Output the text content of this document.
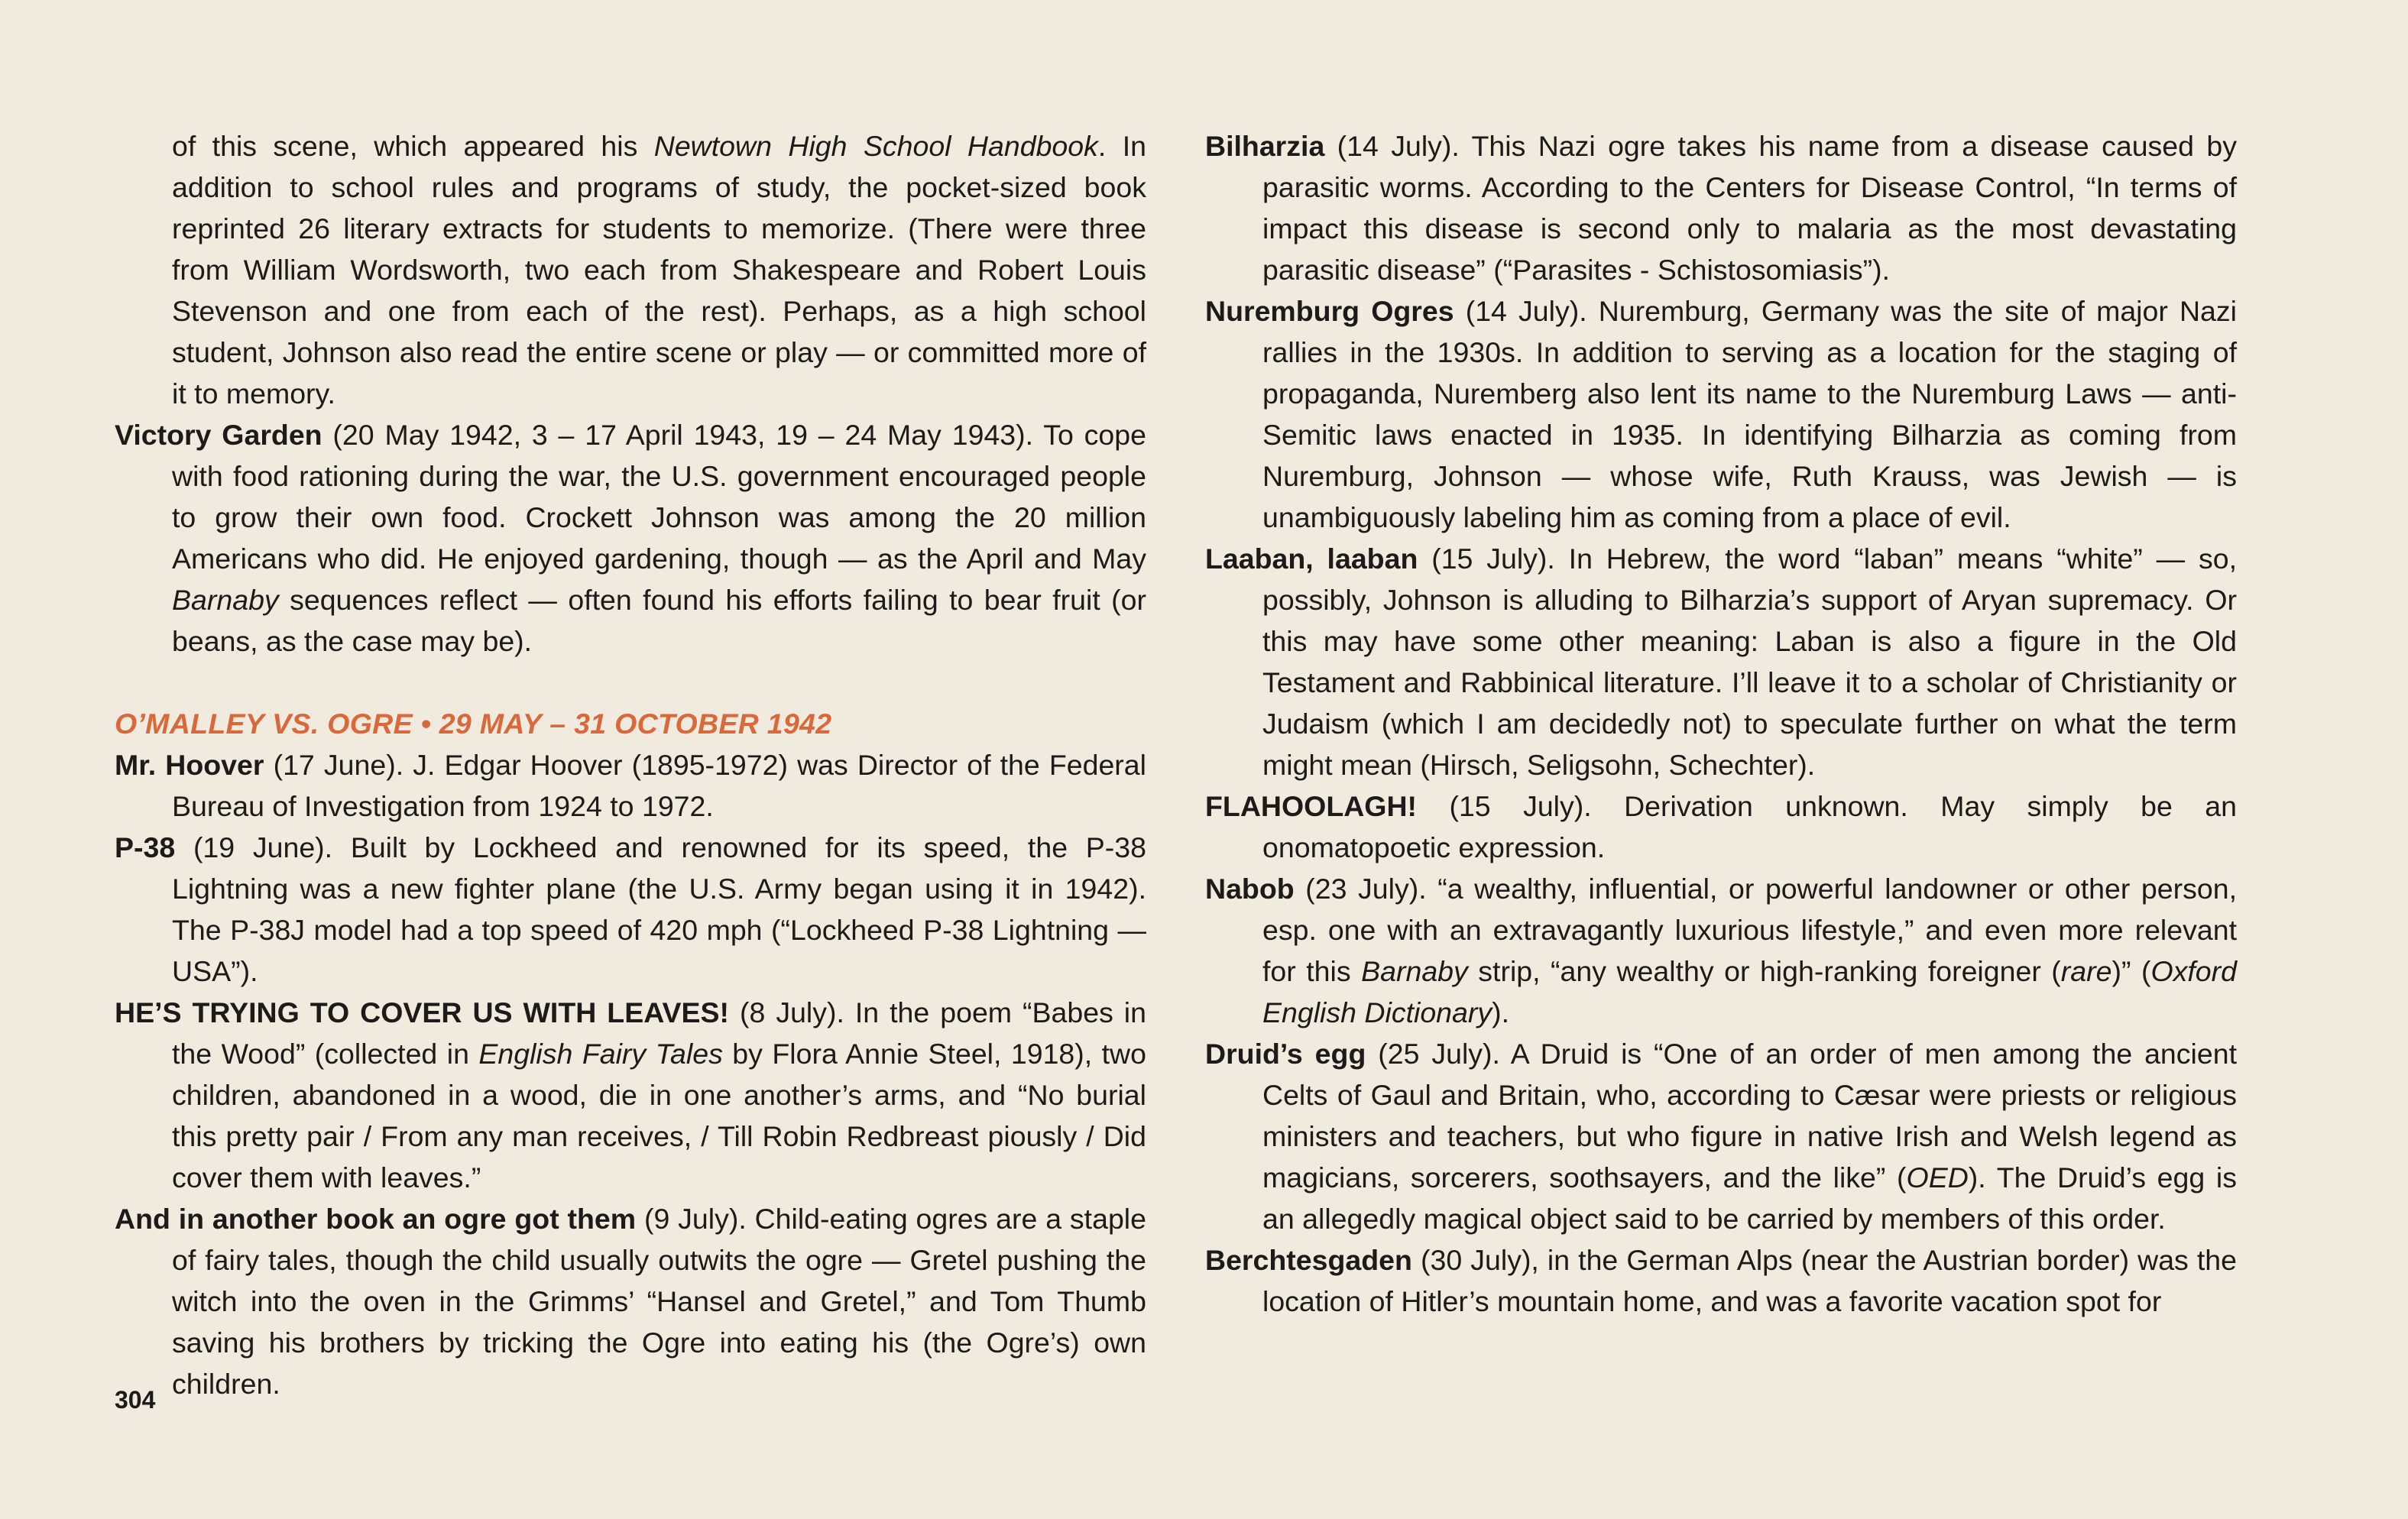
of this scene, which appeared his Newtown High School Handbook. In addition to school rules and programs of study, the pocket-sized book reprinted 26 literary extracts for students to memorize. (There were three from William Wordsworth, two each from Shakespeare and Robert Louis Stevenson and one from each of the rest). Perhaps, as a high school student, Johnson also read the entire scene or play — or committed more of it to memory.

Victory Garden (20 May 1942, 3 – 17 April 1943, 19 – 24 May 1943). To cope with food rationing during the war, the U.S. government encouraged people to grow their own food. Crockett Johnson was among the 20 million Americans who did. He enjoyed gardening, though — as the April and May Barnaby sequences reflect — often found his efforts failing to bear fruit (or beans, as the case may be).

O’MALLEY VS. OGRE • 29 MAY – 31 OCTOBER 1942

Mr. Hoover (17 June). J. Edgar Hoover (1895-1972) was Director of the Federal Bureau of Investigation from 1924 to 1972.

P-38 (19 June). Built by Lockheed and renowned for its speed, the P-38 Lightning was a new fighter plane (the U.S. Army began using it in 1942). The P-38J model had a top speed of 420 mph (“Lockheed P-38 Lightning — USA”).

HE’S TRYING TO COVER US WITH LEAVES! (8 July). In the poem “Babes in the Wood” (collected in English Fairy Tales by Flora Annie Steel, 1918), two children, abandoned in a wood, die in one another’s arms, and “No burial this pretty pair / From any man receives, / Till Robin Redbreast piously / Did cover them with leaves.”

And in another book an ogre got them (9 July). Child-eating ogres are a staple of fairy tales, though the child usually outwits the ogre — Gretel pushing the witch into the oven in the Grimms’ “Hansel and Gretel,” and Tom Thumb saving his brothers by tricking the Ogre into eating his (the Ogre’s) own children.

Bilharzia (14 July). This Nazi ogre takes his name from a disease caused by parasitic worms. According to the Centers for Disease Control, “In terms of impact this disease is second only to malaria as the most devastating parasitic disease” (“Parasites - Schistosomiasis”).

Nuremburg Ogres (14 July). Nuremburg, Germany was the site of major Nazi rallies in the 1930s. In addition to serving as a location for the staging of propaganda, Nuremberg also lent its name to the Nuremburg Laws — anti-Semitic laws enacted in 1935. In identifying Bilharzia as coming from Nuremburg, Johnson — whose wife, Ruth Krauss, was Jewish — is unambiguously labeling him as coming from a place of evil.

Laaban, laaban (15 July). In Hebrew, the word “laban” means “white” — so, possibly, Johnson is alluding to Bilharzia’s support of Aryan supremacy. Or this may have some other meaning: Laban is also a figure in the Old Testament and Rabbinical literature. I’ll leave it to a scholar of Christianity or Judaism (which I am decidedly not) to speculate further on what the term might mean (Hirsch, Seligsohn, Schechter).

FLAHOOLAGH! (15 July). Derivation unknown. May simply be an onomatopoetic expression.

Nabob (23 July). “a wealthy, influential, or powerful landowner or other person, esp. one with an extravagantly luxurious lifestyle,” and even more relevant for this Barnaby strip, “any wealthy or high-ranking foreigner (rare)” (Oxford English Dictionary).

Druid’s egg (25 July). A Druid is “One of an order of men among the ancient Celts of Gaul and Britain, who, according to Cæsar were priests or religious ministers and teachers, but who figure in native Irish and Welsh legend as magicians, sorcerers, soothsayers, and the like” (OED). The Druid’s egg is an allegedly magical object said to be carried by members of this order.

Berchtesgaden (30 July), in the German Alps (near the Austrian border) was the location of Hitler’s mountain home, and was a favorite vacation spot for

304
